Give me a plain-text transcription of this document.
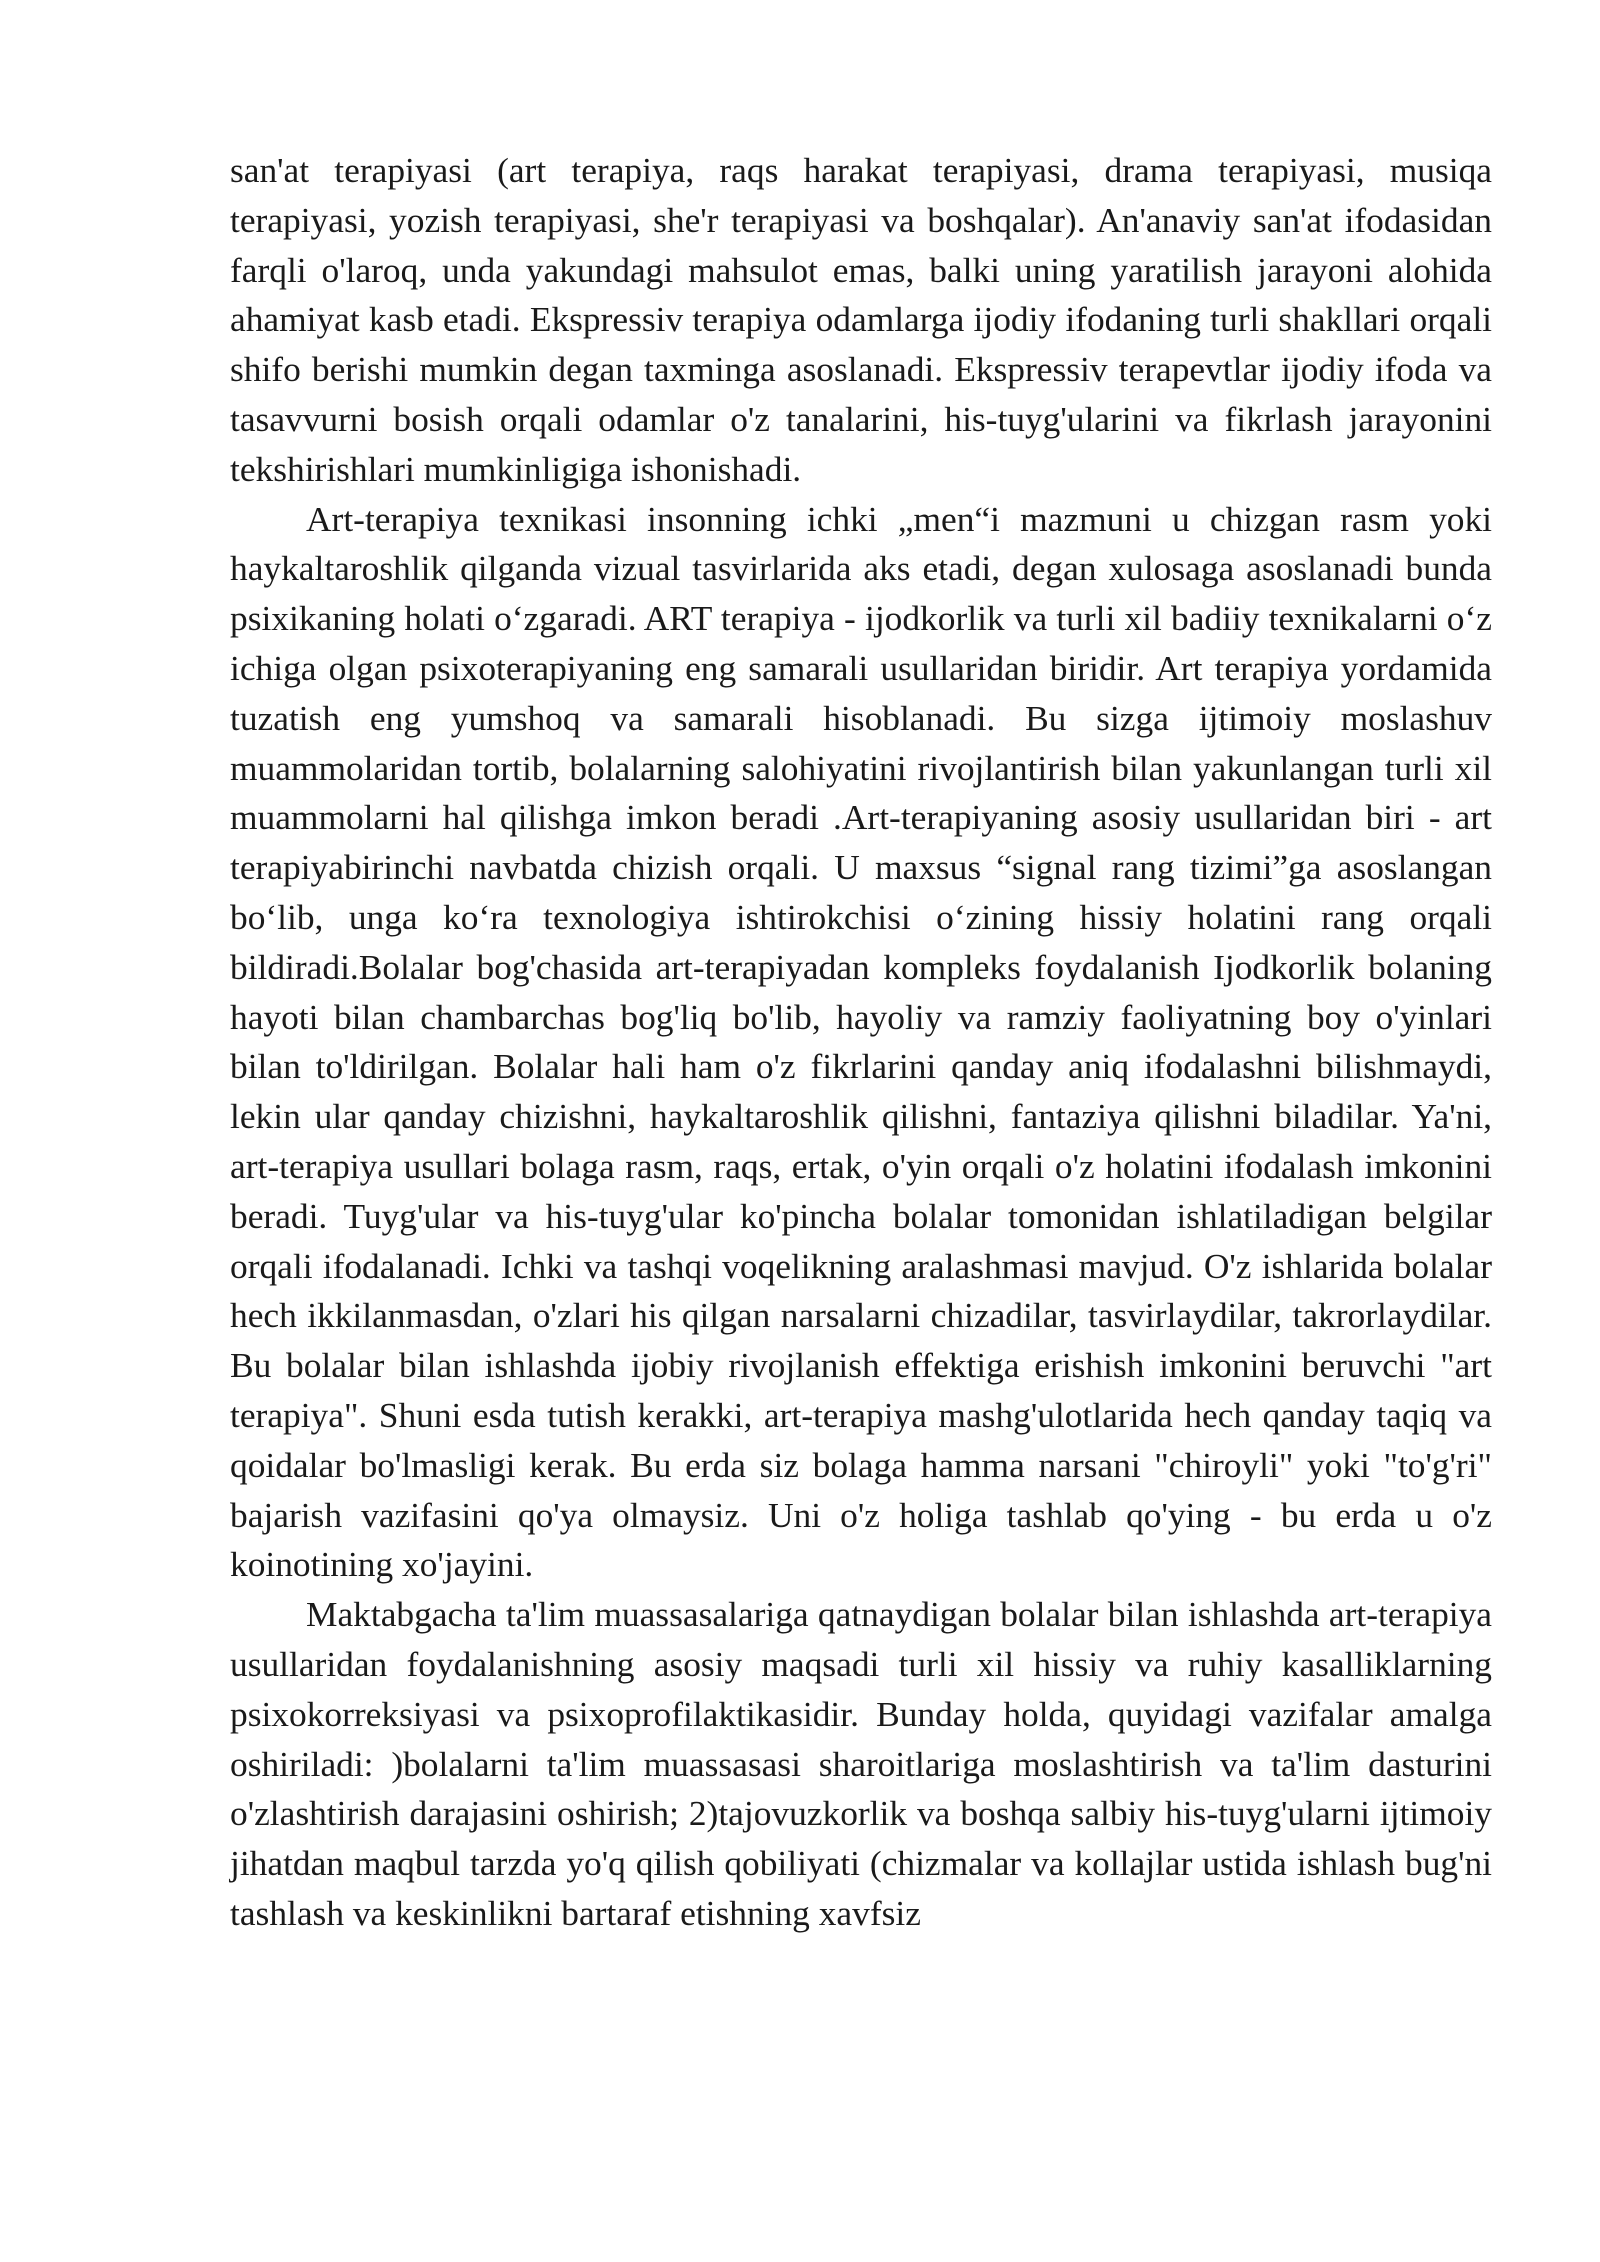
san'at terapiyasi (art terapiya, raqs harakat terapiyasi, drama terapiyasi, musiqa terapiyasi, yozish terapiyasi, she'r terapiyasi va boshqalar). An'anaviy san'at ifodasidan farqli o'laroq, unda yakundagi mahsulot emas, balki uning yaratilish jarayoni alohida ahamiyat kasb etadi. Ekspressiv terapiya odamlarga ijodiy ifodaning turli shakllari orqali shifo berishi mumkin degan taxminga asoslanadi. Ekspressiv terapevtlar ijodiy ifoda va tasavvurni bosish orqali odamlar o'z tanalarini, his-tuyg'ularini va fikrlash jarayonini tekshirishlari mumkinligiga ishonishadi.

Art-terapiya texnikasi insonning ichki „men“i mazmuni u chizgan rasm yoki haykaltaroshlik qilganda vizual tasvirlarida aks etadi, degan xulosaga asoslanadi bunda psixikaning holati o‘zgaradi. ART terapiya - ijodkorlik va turli xil badiiy texnikalarni o‘z ichiga olgan psixoterapiyaning eng samarali usullaridan biridir. Art terapiya yordamida tuzatish eng yumshoq va samarali hisoblanadi. Bu sizga ijtimoiy moslashuv muammolaridan tortib, bolalarning salohiyatini rivojlantirish bilan yakunlangan turli xil muammolarni hal qilishga imkon beradi .Art-terapiyaning asosiy usullaridan biri - art terapiyabirinchi navbatda chizish orqali. U maxsus “signal rang tizimi”ga asoslangan bo‘lib, unga ko‘ra texnologiya ishtirokchisi o‘zining hissiy holatini rang orqali bildiradi.Bolalar bog'chasida art-terapiyadan kompleks foydalanish Ijodkorlik bolaning hayoti bilan chambarchas bog'liq bo'lib, hayoliy va ramziy faoliyatning boy o'yinlari bilan to'ldirilgan. Bolalar hali ham o'z fikrlarini qanday aniq ifodalashni bilishmaydi, lekin ular qanday chizishni, haykaltaroshlik qilishni, fantaziya qilishni biladilar. Ya'ni, art-terapiya usullari bolaga rasm, raqs, ertak, o'yin orqali o'z holatini ifodalash imkonini beradi. Tuyg'ular va his-tuyg'ular ko'pincha bolalar tomonidan ishlatiladigan belgilar orqali ifodalanadi. Ichki va tashqi voqelikning aralashmasi mavjud. O'z ishlarida bolalar hech ikkilanmasdan, o'zlari his qilgan narsalarni chizadilar, tasvirlaydilar, takrorlaydilar. Bu bolalar bilan ishlashda ijobiy rivojlanish effektiga erishish imkonini beruvchi "art terapiya". Shuni esda tutish kerakki, art-terapiya mashg'ulotlarida hech qanday taqiq va qoidalar bo'lmasligi kerak. Bu erda siz bolaga hamma narsani "chiroyli" yoki "to'g'ri" bajarish vazifasini qo'ya olmaysiz. Uni o'z holiga tashlab qo'ying - bu erda u o'z koinotining xo'jayini.

Maktabgacha ta'lim muassasalariga qatnaydigan bolalar bilan ishlashda art-terapiya usullaridan foydalanishning asosiy maqsadi turli xil hissiy va ruhiy kasalliklarning psixokorreksiyasi va psixoprofilaktikasidir. Bunday holda, quyidagi vazifalar amalga oshiriladi: )bolalarni ta'lim muassasasi sharoitlariga moslashtirish va ta'lim dasturini o'zlashtirish darajasini oshirish; 2)tajovuzkorlik va boshqa salbiy his-tuyg'ularni ijtimoiy jihatdan maqbul tarzda yo'q qilish qobiliyati (chizmalar va kollajlar ustida ishlash bug'ni tashlash va keskinlikni bartaraf etishning xavfsiz
